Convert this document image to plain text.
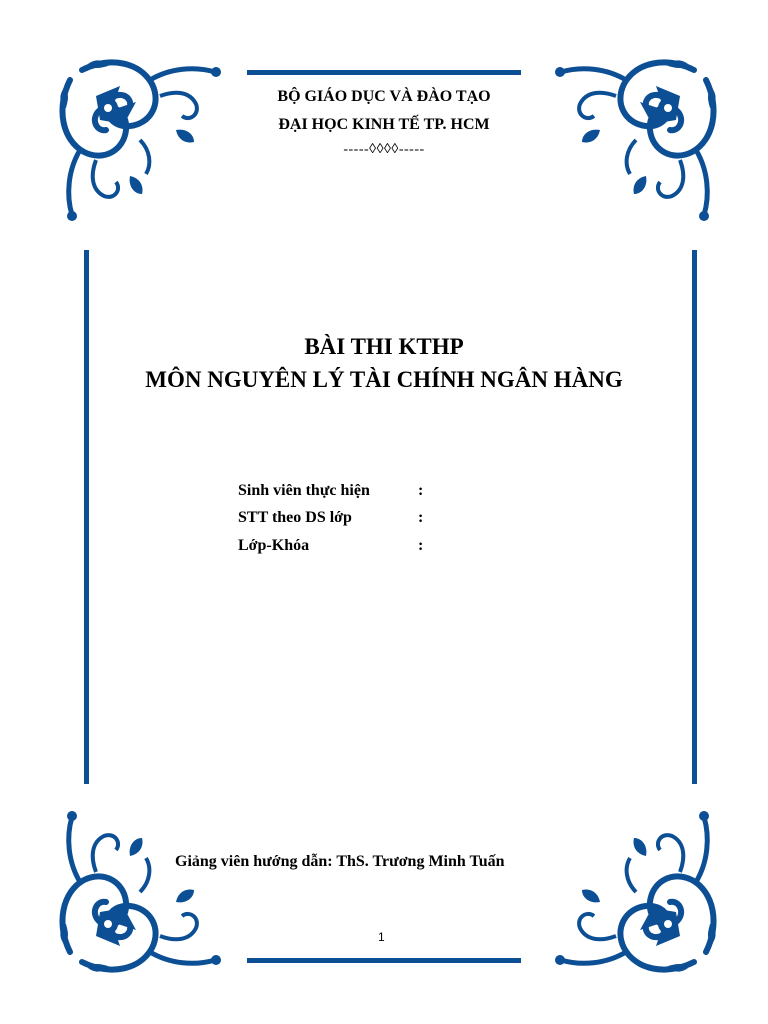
BỘ GIÁO DỤC VÀ ĐÀO TẠO
ĐẠI HỌC KINH TẾ TP. HCM
-----◊◊◊◊-----
BÀI THI KTHP
MÔN NGUYÊN LÝ TÀI CHÍNH NGÂN HÀNG
Sinh viên thực hiện	:
STT theo DS lớp	:
Lớp-Khóa	:
Giảng viên hướng dẫn: ThS. Trương Minh Tuấn
1
